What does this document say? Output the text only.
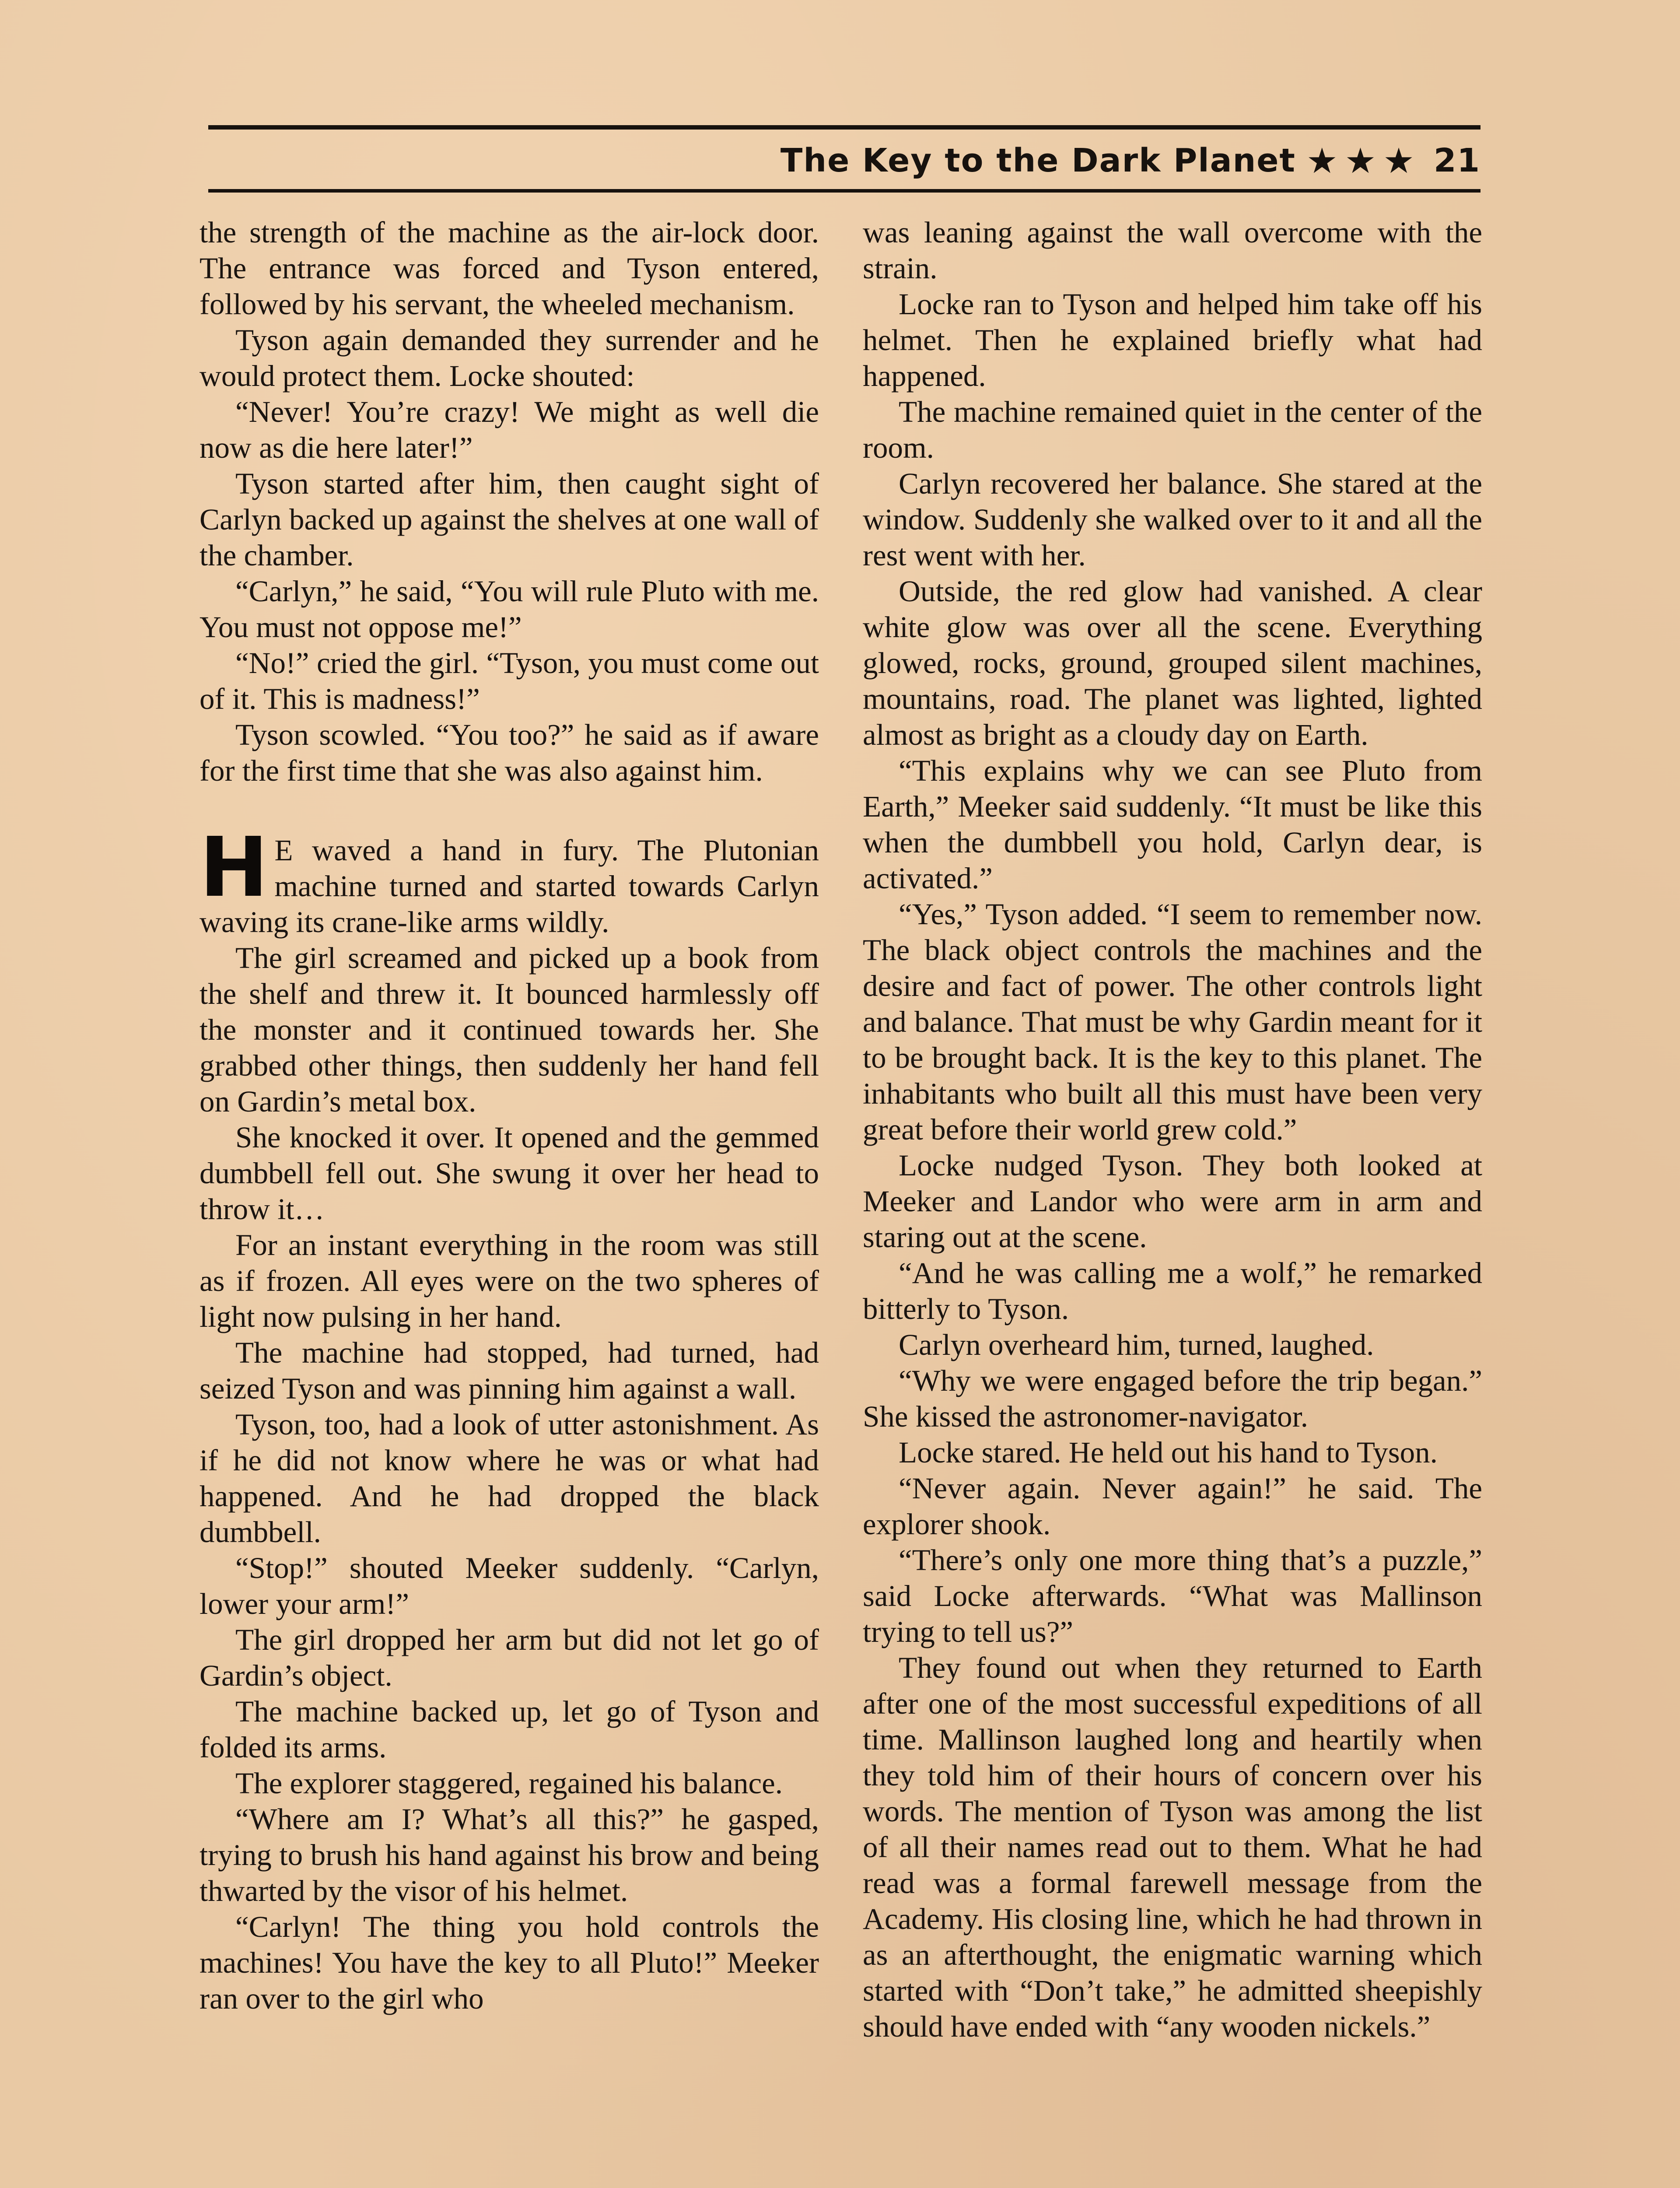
The Key to the Dark Planet ★ ★ ★ 21

the strength of the machine as the air-lock door. The entrance was forced and Tyson entered, followed by his servant, the wheeled mechanism.

Tyson again demanded they surrender and he would protect them. Locke shouted:

“Never! You’re crazy! We might as well die now as die here later!”

Tyson started after him, then caught sight of Carlyn backed up against the shelves at one wall of the chamber.

“Carlyn,” he said, “You will rule Pluto with me. You must not oppose me!”

“No!” cried the girl. “Tyson, you must come out of it. This is madness!”

Tyson scowled. “You too?” he said as if aware for the first time that she was also against him.

H E waved a hand in fury. The Plutonian machine turned and started towards Carlyn waving its crane-like arms wildly.

The girl screamed and picked up a book from the shelf and threw it. It bounced harmlessly off the monster and it continued towards her. She grabbed other things, then suddenly her hand fell on Gardin’s metal box.

She knocked it over. It opened and the gemmed dumbbell fell out. She swung it over her head to throw it…

For an instant everything in the room was still as if frozen. All eyes were on the two spheres of light now pulsing in her hand.

The machine had stopped, had turned, had seized Tyson and was pinning him against a wall.

Tyson, too, had a look of utter astonishment. As if he did not know where he was or what had happened. And he had dropped the black dumbbell.

“Stop!” shouted Meeker suddenly. “Carlyn, lower your arm!”

The girl dropped her arm but did not let go of Gardin’s object.

The machine backed up, let go of Tyson and folded its arms.

The explorer staggered, regained his balance.

“Where am I? What’s all this?” he gasped, trying to brush his hand against his brow and being thwarted by the visor of his helmet.

“Carlyn! The thing you hold controls the machines! You have the key to all Pluto!” Meeker ran over to the girl who

was leaning against the wall overcome with the strain.

Locke ran to Tyson and helped him take off his helmet. Then he explained briefly what had happened.

The machine remained quiet in the center of the room.

Carlyn recovered her balance. She stared at the window. Suddenly she walked over to it and all the rest went with her.

Outside, the red glow had vanished. A clear white glow was over all the scene. Everything glowed, rocks, ground, grouped silent machines, mountains, road. The planet was lighted, lighted almost as bright as a cloudy day on Earth.

“This explains why we can see Pluto from Earth,” Meeker said suddenly. “It must be like this when the dumbbell you hold, Carlyn dear, is activated.”

“Yes,” Tyson added. “I seem to remember now. The black object controls the machines and the desire and fact of power. The other controls light and balance. That must be why Gardin meant for it to be brought back. It is the key to this planet. The inhabitants who built all this must have been very great before their world grew cold.”

Locke nudged Tyson. They both looked at Meeker and Landor who were arm in arm and staring out at the scene.

“And he was calling me a wolf,” he remarked bitterly to Tyson.

Carlyn overheard him, turned, laughed.

“Why we were engaged before the trip began.” She kissed the astronomer-navigator.

Locke stared. He held out his hand to Tyson.

“Never again. Never again!” he said. The explorer shook.

“There’s only one more thing that’s a puzzle,” said Locke afterwards. “What was Mallinson trying to tell us?”

They found out when they returned to Earth after one of the most successful expeditions of all time. Mallinson laughed long and heartily when they told him of their hours of concern over his words. The mention of Tyson was among the list of all their names read out to them. What he had read was a formal farewell message from the Academy. His closing line, which he had thrown in as an afterthought, the enigmatic warning which started with “Don’t take,” he admitted sheepishly should have ended with “any wooden nickels.”
